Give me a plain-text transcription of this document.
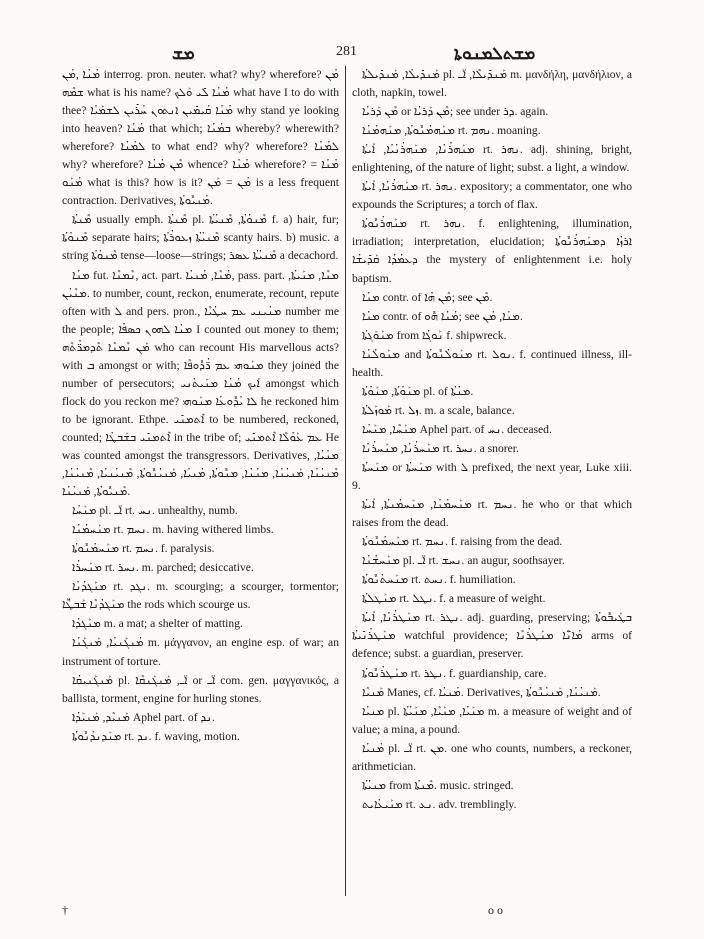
ܡܫ	281	ܡܫܬܠܡܢܘܬܐ

ܡܳܢܳܐ ,ܡܳܢ interrog. pron. neuter. what? why? wherefore? ܡܳܢ ܫܡܶܗ what is his name? ܡܳܢܳܐ ܠܺܝ ܘܰܠܟ what have I to do with thee? ܡܳܢܳܐ ܩܳܝܡܺܝܢ ܐܢܬܘܢ ܚܳܪܺܝܢ ܠܫܡܰܝܳܐ why stand ye looking into heaven? ܡܳܢܳܐ that which; ܒܡܳܢܳܐ whereby? wherewith? wherefore? ܠܡܳܢܳܐ to what end? why? wherefore? ܠܡܳܢܳܐ why? wherefore? ܡܶܢ ܡܳܢܳܐ whence? ܡܳܢܳܐ wherefore? ܡܳܢܳܐ = ܡܳܢܰܘ what is this? how is it? ܡܳܢ = ܡܰܢ is a less frequent contraction. Derivatives, ܡܳܢܝܽܘܬܳܐ.

ܡܶܢܬܳܐ usually emph. ܡܶܢܬܳܐ pl. ܡܶܢܘܳܬܳܐ, ܡܶܢܝܳܬܳܐ f. a) hair, fur; ܡܶܢܘܳܬܳܐ separate hairs; ܡܶܢܝܳܬܳܐ ܙܥܘܪܳܬܳܐ scanty hairs. b) music. a string ܡܶܢܘܳܬܳܐ tense—loose—strings; ܡܶܢܝܳܬܳܐ ܥܣܪ a decachord.

ܡܢܳܐ fut. ܢܶܡܢܶܐ, act. part. ܡܳܢܶܐ, ܡܳܢܝܳܐ, pass. part. ܡܢܶܐ, ܡܢܰܝܬܳܐ, ܡܢܶܝܳܢ. to number, count, reckon, enumerate, recount, repute often with ܠ and pers. pron., ܡܢܳܝܢܝ ܥܡ ܚܛܳܝܶܐ number me the people; ܡܢܳܐ ܠܗܘܢ ܟܣܦܳܐ I counted out money to them; ܡܰܢ ܢܶܡܢܶܐ ܬܶܕܡܪ̈ܳܬܶܗ who can recount His marvellous acts? with ܒ amongst or with; ܡܢܰܘܗܝ ܥܡ ܪ̈ܳܕܽܘܦܶܐ they joined the number of persecutors; ܐܰܝܟ ܡܳܢܳܐ ܡܢܰܝܬܳܢܝ amongst which flock do you reckon me? ܠܐ ܝܳܕܽܘܥܳܐ ܡܢܰܘܗܝ he reckoned him to be ignorant. Ethpe. ܐܶܬܡܢܺܝ to be numbered, reckoned, counted; ܐܶܬܡܢܺܝ ܒܫܰܒܛܳܐ in the tribe of; ܥܡ ܥܰܘܳܠܶܐ ܐܶܬܡܢܺܝ He was counted amongst the transgressors. Derivatives, ܡܢܳܝܳܐ, ܡܶܢܝܳܢܳܐ, ܡܰܢܝܳܢܳܐ, ܡܢܳܢܳܐ, ܡܢܽܘܬܳܐ, ܡܳܢܝܳܐ, ܡܰܢܝܳܢܽܘܬܳܐ, ܡܶܢܝܳܢܝܳܐ, ܡܶܢܝܳܢܳܐ, ܡܶܢܝܽܘܬܳܐ, ܡܰܢܝܳܢܳܐ.

ܡܢܰܚܳܐ pl. ܐ̈ـ rt. ܢܚ. unhealthy, numb.

ܡܢܰܚܡܳܢܳܐ rt. ܢܚܡ. m. having withered limbs.

ܡܢܰܚܡܳܢܽܘܬܳܐ rt. ܢܚܡ. f. paralysis.

ܡܢܰܚܪܳܐ rt. ܢܚܪ. m. parched; desiccative.

ܡܢܰܓܕܳܢܳܐ rt. ܢܓܕ. m. scourging; a scourger, tormentor; ܡܢܰܓܕܳܢܶܐ ܫܰܒܛ̈ܶܐ the rods which scourge us.

ܡܢܰܓܕܳܐ m. a mat; a shelter of matting.

ܡܳܢܓܰܢܝܳܐ, ܡܰܢܓܰܢܳܐ m. μάγγανον, an engine esp. of war; an instrument of torture.

ܡܰܢܓܰܢܝܩܳܐ pl. ܐ̈ـ, ܡܰܢܓܰܢܩܶܐ or ܐ̈ـ com. gen. μαγγανικός, a ballista, torment, engine for hurling stones.

ܡܰܢܝܶܕ, ܡܰܢܝܰܕܳܐ Aphel part. of ܢܕ.

ܡܢܰܕܢܕܳܢܽܘܬܳܐ rt. ܢܕ. f. waving, motion.

ܡܰܢܕܺܝܠܳܐ, ܡܰܢܕܺܝܠܬܳܐ pl. ܡܰܢܕܺܝܠܶܐ, ܐ̈ـ m. μανδήλη, μανδήλιον, a cloth, napkin, towel.

ܡܶܢ ܕܰܪܝܳܐ or ܡܶܢ ܕܰܪܝܳܐ; see under ܕܪ. again.

ܡܢܰܗܡܳܢܽܘܬܳܐ, ܡܢܰܗܡܳܢܳܐ rt. ܢܗܡ. moaning.

ܡܢܰܗܪܳܢܳܐ, ܡܢܰܗܪܳܢܳܝܳܐ, ܐܳܝܬܳܐ rt. ܢܗܪ. adj. shining, bright, enlightening, of the nature of light; subst. a light, a window.

ܡܢܰܗܪܳܢܳܐ, ܐܳܝܬܳܐ rt. ܢܗܪ. expository; a commentator, one who expounds the Scriptures; a torch of flax.

ܡܢܰܗܪܳܢܽܘܬܳܐ rt. ܢܗܪ. f. enlightening, illumination, irradiation; interpretation, elucidation; ܐܪܙܳܐ ܕܡܢܰܗܪܳܢܽܘܬܳܐ ܕܥܡܳܕܳܐ ܩܰܕܺܝܫܳܐ the mystery of enlightenment i.e. holy baptism.

ܡܢܳܐ contr. of ܡܶܢ ܗܳܐ; see ܡܶܢ.

ܡܢܳܐ contr. of ܡܳܢܳܐ ܗܽܘ; see ܡܢܳܐ, ܡܳܢ.

ܡܢܰܘܰܓܬܳܐ from ܢܰܘܓܳܐ f. shipwreck.

ܡܢܰܘܠܳܢܳܐ and ܡܢܰܘܠܳܢܽܘܬܳܐ rt. ܢܘܠ. f. continued illness, ill-health.

ܡܢܰܘܳܬܳܐ, ܡܢܰܘܳܬܳܐ pl. of ܡܢܳܬܳܐ.

ܡܰܘܙܰܠܬܳܐ rt. ܙܠ. m. a scale, balance.

ܡܢܰܚܶܐ, ܡܢܰܚܳܐ Aphel part. of ܢܚ. deceased.

ܡܢܰܚܪܳܢܳܐ, ܡܢܰܚܪܳܢܳܐ rt. ܢܚܪ. a snorer.

ܡܢܰܚܬܳܐ or ܡܢܰܚܬܳܐ with ܠ prefixed, the next year, Luke xiii. 9.

ܡܢܰܚܡܳܢܳܐ, ܡܢܰܚܡܳܢܬܳܐ, ܐܳܝܬܳܐ rt. ܢܚܡ. he who or that which raises from the dead.

ܡܢܰܚܡܳܢܽܘܬܳܐ rt. ܢܚܡ. f. raising from the dead.

ܡܢܰܚܫܳܢܳܐ pl. ܐ̈ـ rt. ܢܚܫ. an augur, soothsayer.

ܡܢܰܚܬܳܢܽܘܬܳܐ rt. ܢܚܬ. f. humiliation.

ܡܢܰܛܠܬܳܐ rt. ܢܛܠ. f. a measure of weight.

ܡܢܰܛܪܳܢܳܐ, ܐܳܝܬܳܐ rt. ܢܛܪ. adj. guarding, preserving; ܒܛܰܝܒܽܘܬܳܐ ܡܢܰܛܪܳܢܺܝܬܳܐ watchful providence; ܡܳܐܢ̈ܶܐ ܡܢܰܛܪܳܢܶܐ arms of defence; subst. a guardian, preserver.

ܡܢܰܛܪܳܢܽܘܬܳܐ rt. ܢܛܪ. f. guardianship, care.

ܡܰܢܝܶܐ Manes, cf. ܡܳܢܝܳܐ. Derivatives, ܡܰܢܝܳܢܳܐ, ܡܰܢܝܳܢܽܘܬܳܐ.

ܡܢܝܳܐ pl. ܡܢܰܝܳܐ, ܡܢܰܝܶܐ, ܡܢܰܝܳܬܳܐ m. a measure of weight and of value; a mina, a pound.

ܡܳܢܝܳܐ pl. ܐ̈ـ rt. ܡܢ. one who counts, numbers, a reckoner, arithmetician.

ܡܢܝܳܬܳܐ from ܡܶܢܬܳܐ. music. stringed.

ܡܢܰܝܥܳܐܝܬ rt. ܢܥ. adv. tremblingly.

†	oo
